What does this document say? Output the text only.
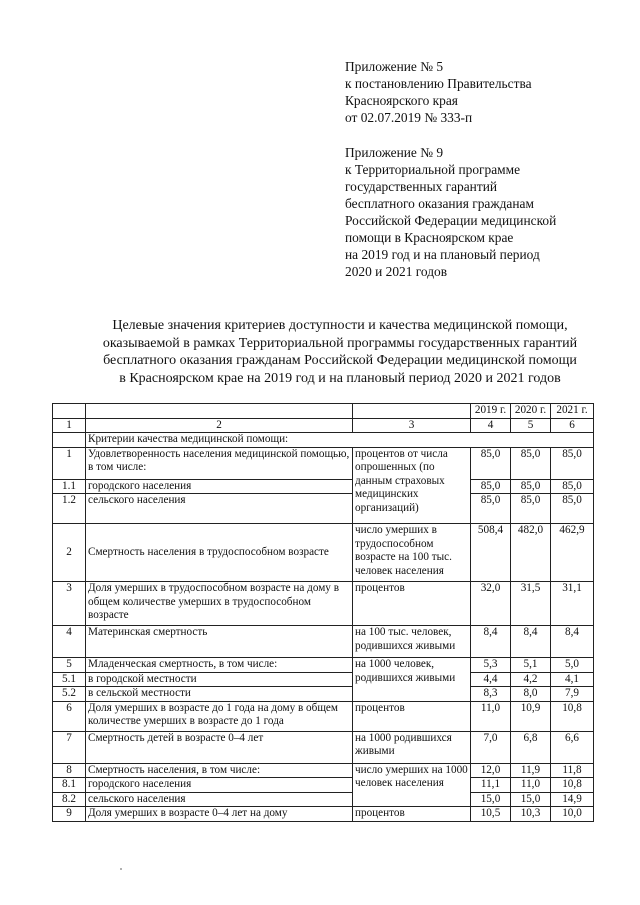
Приложение № 5
к постановлению Правительства
Красноярского края
от 02.07.2019 № 333-п
Приложение № 9
к Территориальной программе
государственных гарантий
бесплатного оказания гражданам
Российской Федерации медицинской
помощи в Красноярском крае
на 2019 год и на плановый период
2020 и 2021 годов
Целевые значения критериев доступности и качества медицинской помощи,
оказываемой в рамках Территориальной программы государственных гарантий
бесплатного оказания гражданам Российской Федерации медицинской помощи
в Красноярском крае на 2019 год и на плановый период 2020 и 2021 годов
			2019 г.	2020 г.	2021 г.
1	2	3	4	5	6
	Критерии качества медицинской помощи:				
1	Удовлетворенность населения медицинской помощью, в том числе:	процентов от числа опрошенных (по данным страховых медицинских организаций)	85,0	85,0	85,0
1.1	городского населения		85,0	85,0	85,0
1.2	сельского населения		85,0	85,0	85,0
2	Смертность населения в трудоспособном возрасте	число умерших в трудоспособном возрасте на 100 тыс. человек населения	508,4	482,0	462,9
3	Доля умерших в трудоспособном возрасте на дому в общем количестве умерших в трудоспособном возрасте	процентов	32,0	31,5	31,1
4	Материнская смертность	на 100 тыс. человек, родившихся живыми	8,4	8,4	8,4
5	Младенческая смертность, в том числе:	на 1000 человек, родившихся живыми	5,3	5,1	5,0
5.1	в городской местности		4,4	4,2	4,1
5.2	в сельской местности		8,3	8,0	7,9
6	Доля умерших в возрасте до 1 года на дому в общем количестве умерших в возрасте до 1 года	процентов	11,0	10,9	10,8
7	Смертность детей в возрасте 0–4 лет	на 1000 родившихся живыми	7,0	6,8	6,6
8	Смертность населения, в том числе:	число умерших на 1000 человек населения	12,0	11,9	11,8
8.1	городского населения		11,1	11,0	10,8
8.2	сельского населения		15,0	15,0	14,9
9	Доля умерших в возрасте 0–4 лет на дому	процентов	10,5	10,3	10,0
